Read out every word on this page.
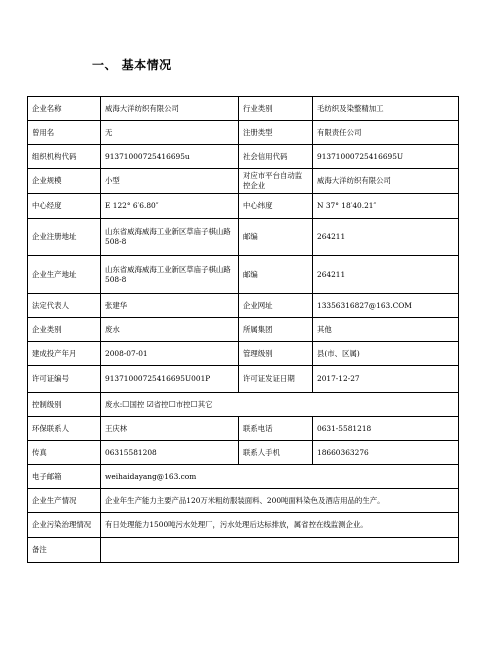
一、 基本情况
企业名称	威海大洋纺织有限公司	行业类别	毛纺织及染整精加工
曾用名	无	注册类型	有限责任公司
组织机构代码	91371000725416695u	社会信用代码	91371000725416695U
企业规模	小型	对应市平台自动监控企业	威海大洋纺织有限公司
中心经度	E 122° 6′6.80″	中心纬度	N 37° 18′40.21″
企业注册地址	山东省威海威海工业新区草庙子棋山路508-8	邮编	264211
企业生产地址	山东省威海威海工业新区草庙子棋山路508-8	邮编	264211
法定代表人	张建华	企业网址	13356316827@163.COM
企业类别	废水	所属集团	其他
建成投产年月	2008-07-01	管理级别	县(市、区属)
许可证编号	91371000725416695U001P	许可证发证日期	2017-12-27
控制级别	废水:☐国控 ☑省控☐市控☐其它		
环保联系人	王庆林	联系电话	0631-5581218
传真	06315581208	联系人手机	18660363276
电子邮箱	weihaidayang@163.com		
企业生产情况	企业年生产能力主要产品120万米粗纺服装面料、200吨面料染色及酒店用品的生产。		
企业污染治理情况	有日处理能力1500吨污水处理厂，污水处理后达标排放，属省控在线监测企业。		
备注			
